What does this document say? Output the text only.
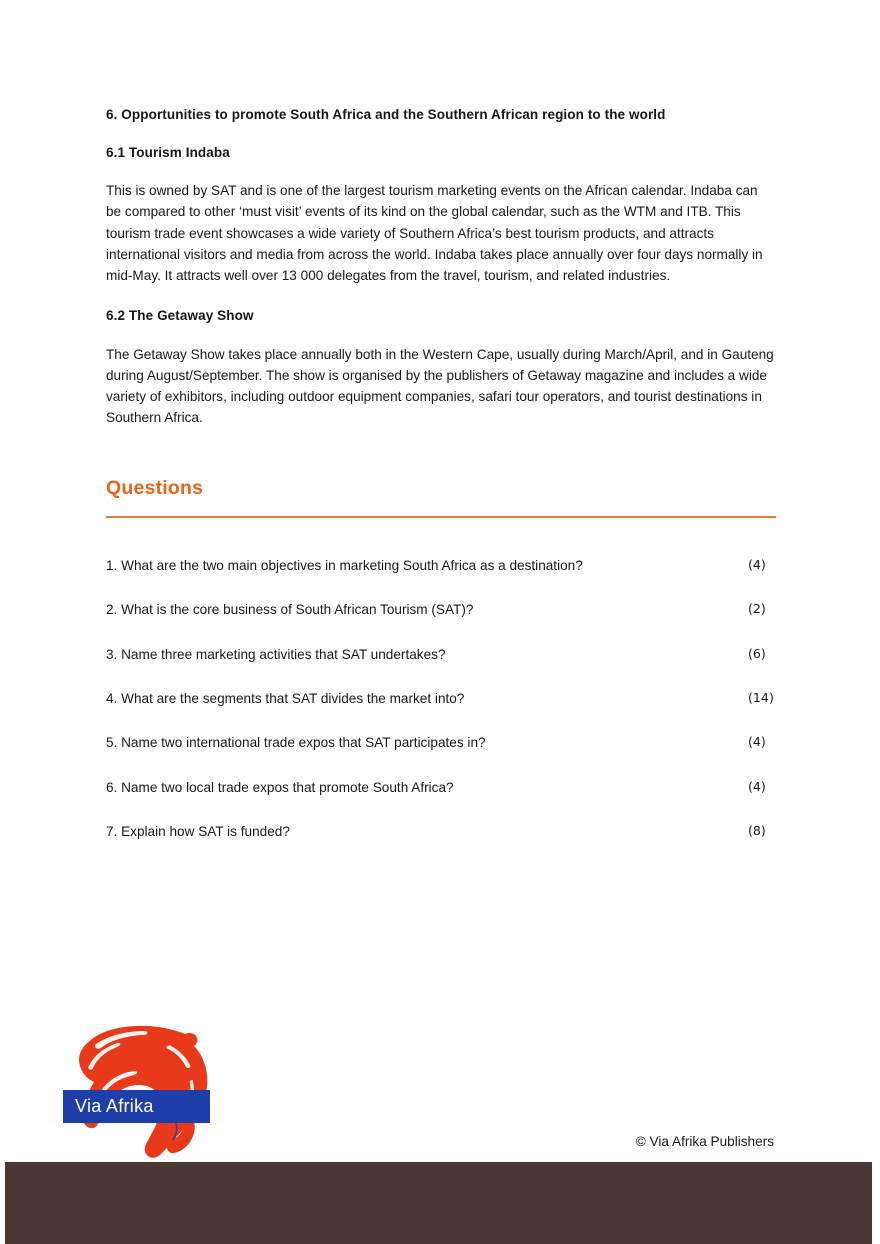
6. Opportunities to promote South Africa and the Southern African region to the world
6.1 Tourism Indaba

This is owned by SAT and is one of the largest tourism marketing events on the African calendar. Indaba can be compared to other ‘must visit’ events of its kind on the global calendar, such as the WTM and ITB. This tourism trade event showcases a wide variety of Southern Africa’s best tourism products, and attracts international visitors and media from across the world. Indaba takes place annually over four days normally in mid-May. It attracts well over 13 000 delegates from the travel, tourism, and related industries.

6.2 The Getaway Show

The Getaway Show takes place annually both in the Western Cape, usually during March/April, and in Gauteng during August/September. The show is organised by the publishers of Getaway magazine and includes a wide variety of exhibitors, including outdoor equipment companies, safari tour operators, and tourist destinations in Southern Africa.

Questions
1. What are the two main objectives in marketing South Africa as a destination?	(4)
2. What is the core business of South African Tourism (SAT)?	(2)
3. Name three marketing activities that SAT undertakes?	(6)
4. What are the segments that SAT divides the market into?	(14)
5. Name two international trade expos that SAT participates in?	(4)
6. Name two local trade expos that promote South Africa?	(4)
7. Explain how SAT is funded?	(8)
Via Afrika
© Via Afrika Publishers
